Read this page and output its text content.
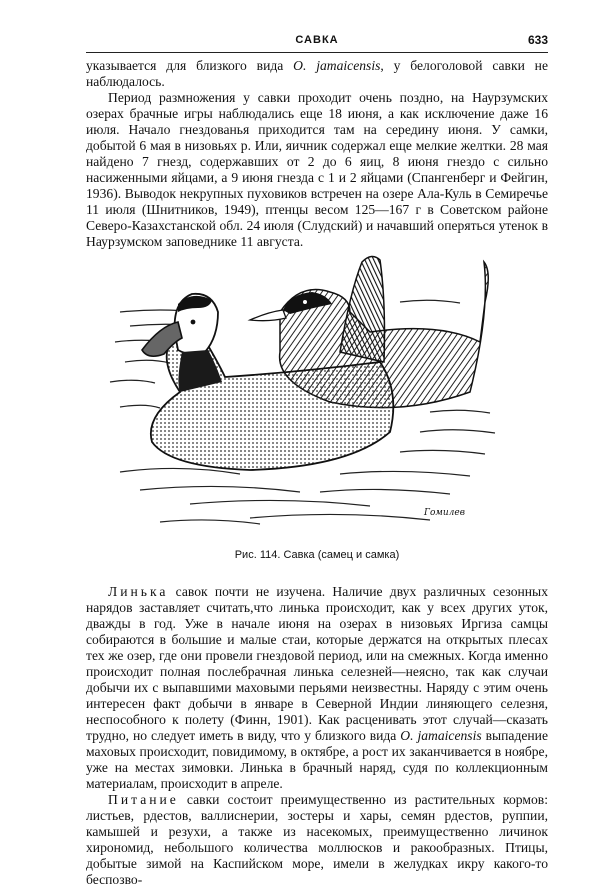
САВКА	633

указывается для близкого вида O. jamaicensis, у белоголовой савки не наблюдалось.

Период размножения у савки проходит очень поздно, на Наурзумских озерах брачные игры наблюдались еще 18 июня, а как исключение даже 16 июля. Начало гнездованья приходится там на середину июня. У самки, добытой 6 мая в низовьях р. Или, яичник содержал еще мелкие желтки. 28 мая найдено 7 гнезд, содержавших от 2 до 6 яиц, 8 июня гнездо с сильно насиженными яйцами, а 9 июня гнезда с 1 и 2 яйцами (Спангенберг и Фейгин, 1936). Выводок некрупных пуховиков встречен на озере Ала-Куль в Семиречье 11 июля (Шнитников, 1949), птенцы весом 125—167 г в Советском районе Северо-Казахстанской обл. 24 июля (Слудский) и начавший оперяться утенок в Наурзумском заповеднике 11 августа.

Гомилев
Рис. 114. Савка (самец и самка)

Линька савок почти не изучена. Наличие двух различных сезонных нарядов заставляет считать,что линька происходит, как у всех других уток, дважды в год. Уже в начале июня на озерах в низовьях Иргиза самцы собираются в большие и малые стаи, которые держатся на открытых плесах тех же озер, где они провели гнездовой период, или на смежных. Когда именно происходит полная послебрачная линька селезней—неясно, так как случаи добычи их с выпавшими маховыми перьями неизвестны. Наряду с этим очень интересен факт добычи в январе в Северной Индии линяющего селезня, неспособного к полету (Финн, 1901). Как расценивать этот случай—сказать трудно, но следует иметь в виду, что у близкого вида O. jamaicensis выпадение маховых происходит, повидимому, в октябре, а рост их заканчивается в ноябре, уже на местах зимовки. Линька в брачный наряд, судя по коллекционным материалам, происходит в апреле.

Питание савки состоит преимущественно из растительных кормов: листьев, рдестов, валлиснерии, зостеры и хары, семян рдестов, руппии, камышей и резухи, а также из насекомых, преимущественно личинок хирономид, небольшого количества моллюсков и ракообразных. Птицы, добытые зимой на Каспийском море, имели в желудках икру какого-то беспозво-
